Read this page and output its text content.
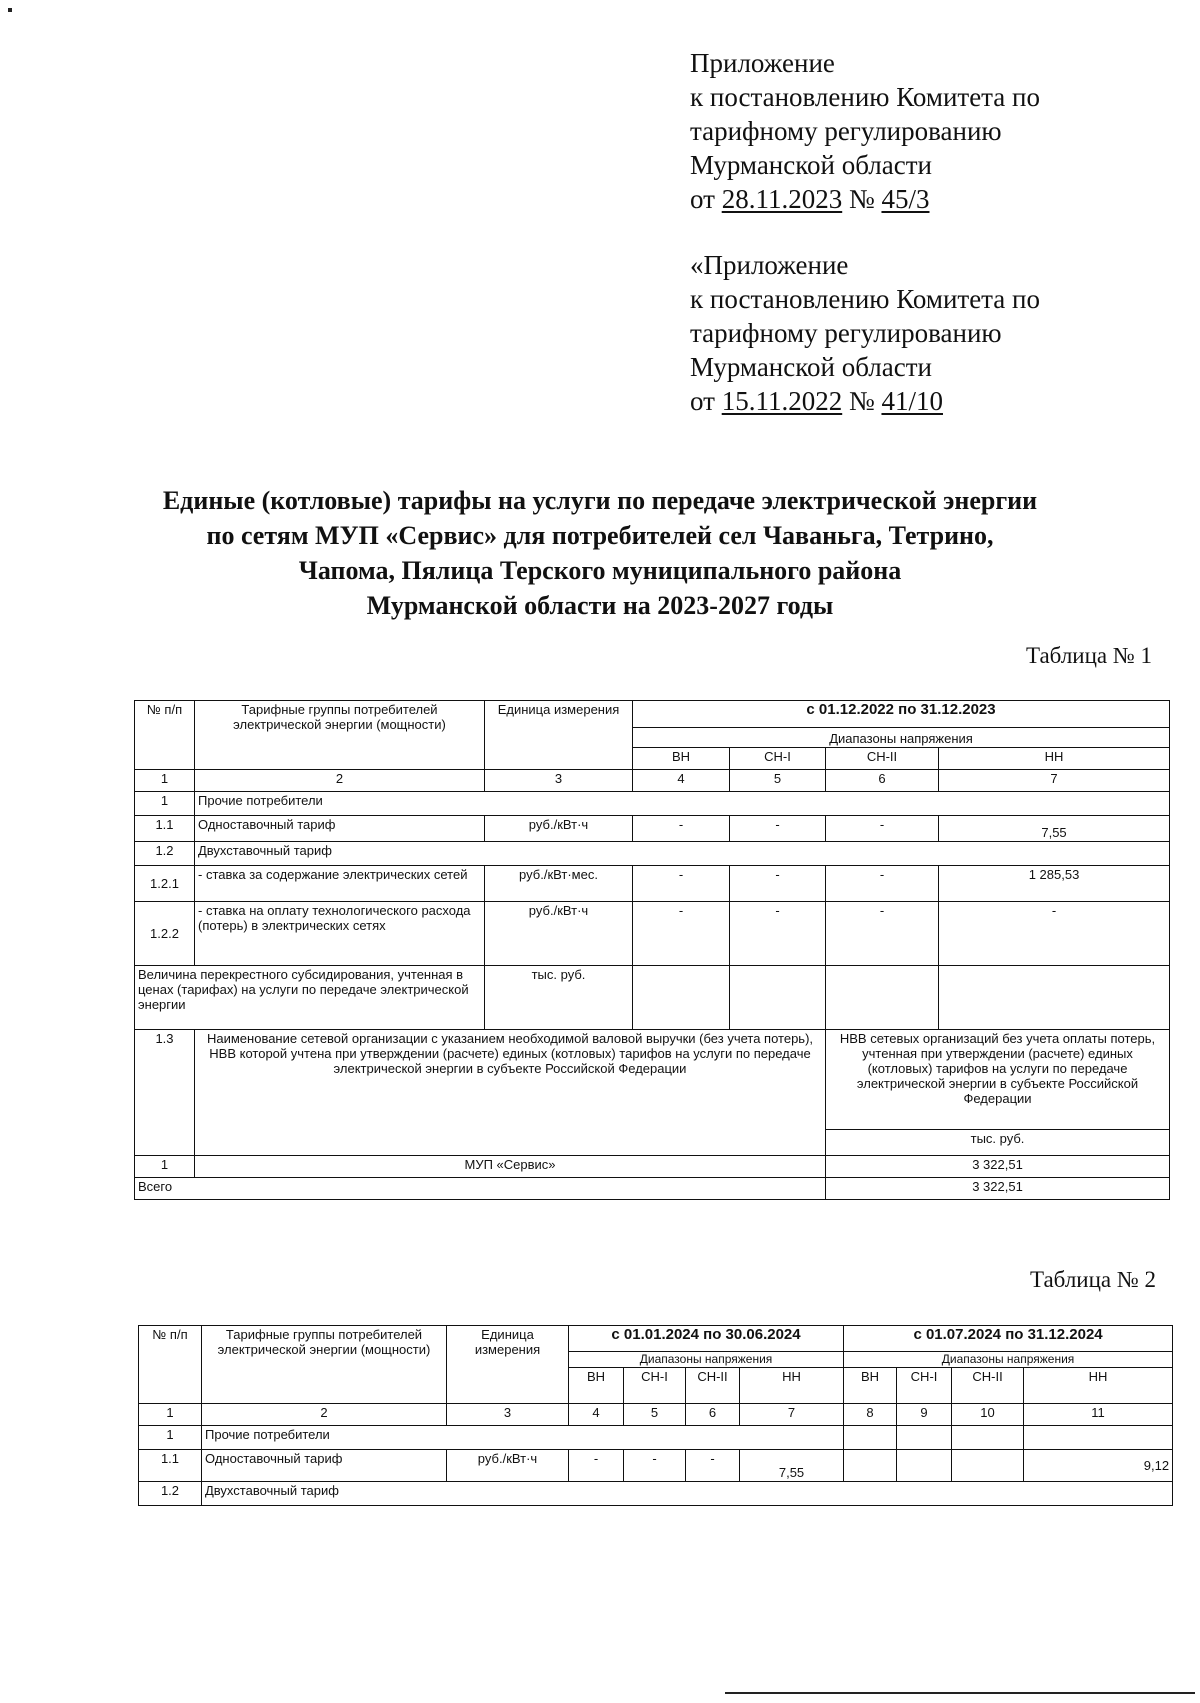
Приложение
к постановлению Комитета по
тарифному регулированию
Мурманской области
от 28.11.2023 № 45/3
«Приложение
к постановлению Комитета по
тарифному регулированию
Мурманской области
от 15.11.2022 № 41/10
Единые (котловые) тарифы на услуги по передаче электрической энергии
по сетям МУП «Сервис» для потребителей сел Чаваньга, Тетрино,
Чапома, Пялица Терского муниципального района
Мурманской области на 2023-2027 годы
Таблица № 1
№ п/п	Тарифные группы потребителей электрической энергии (мощности)	Единица измерения	с 01.12.2022 по 31.12.2023			
			Диапазоны напряжения			
			ВН	СН-I	СН-II	НН
1	2	3	4	5	6	7
1	Прочие потребители					
1.1	Одноставочный тариф	руб./кВт·ч	-	-	-	7,55
1.2	Двухставочный тариф					
1.2.1	- ставка за содержание электрических сетей	руб./кВт·мес.	-	-	-	1 285,53
1.2.2	- ставка на оплату технологического расхода (потерь) в электрических сетях	руб./кВт·ч	-	-	-	-
Величина перекрестного субсидирования, учтенная в ценах (тарифах) на услуги по передаче электрической энергии		тыс. руб.				
1.3	Наименование сетевой организации с указанием необходимой валовой выручки (без учета потерь), НВВ которой учтена при утверждении (расчете) единых (котловых) тарифов на услуги по передаче электрической энергии в субъекте Российской Федерации				НВВ сетевых организаций без учета оплаты потерь, учтенная при утверждении (расчете) единых (котловых) тарифов на услуги по передаче электрической энергии в субъекте Российской Федерации	
					тыс. руб.	
1	МУП «Сервис»				3 322,51	
Всего					3 322,51	
Таблица № 2
№ п/п	Тарифные группы потребителей электрической энергии (мощности)	Единица измерения	с 01.01.2024 по 30.06.2024				с 01.07.2024 по 31.12.2024			
			Диапазоны напряжения				Диапазоны напряжения			
			ВН	СН-I	СН-II	НН	ВН	СН-I	СН-II	НН
1	2	3	4	5	6	7	8	9	10	11
1	Прочие потребители									
1.1	Одноставочный тариф	руб./кВт·ч	-	-	-	7,55				9,12
1.2	Двухставочный тариф									
